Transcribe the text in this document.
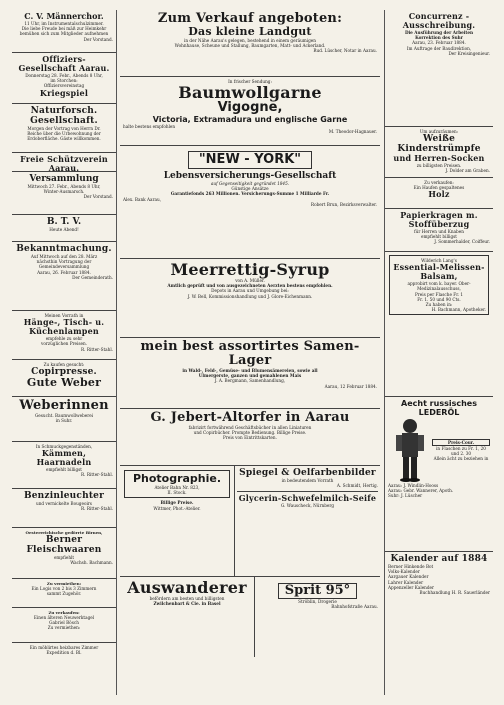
C. V. Männerchor.
11 Uhr, im Instrumentalschulzimmer.
Die liebe Freude bei mäß zur Heimkehr
bemühen sich zum Mitglieder aufnehmen
Der Vorstand.
Offiziers-Gesellschaft Aarau.
Donnerstag 28. Febr., Abends 8 Uhr,
im Storchen:
Offiziersvereinstag
Kriegspiel
Naturforsch. Gesellschaft.
Morgen der Vortrag von Herrn Dr.
Reiche über die Urbewohnung der
Erdoberfläche. Gäste willkommen.
Freie Schützverein Aarau.
Versammlung
Mittwoch 27. Febr., Abends 8 Uhr,
Winter-Ausmarsch.
Der Vorstand.
B. T. V.
Heute Abend!
Bekanntmachung.
Auf Mittwoch auf den 28. März
nächsthin Vortragung der
Gemeindeversammlung
Aarau, 26. Februar 1884.
Der Gemeinderath.
Meinen Vorrath in
Hänge-, Tisch- u. Küchenlampen
empfehle zu sehr
vorzüglichen Preisen.
R. Ritter-Stahl.
Zu kaufen gesucht:
Copirpresse.
Gute Weber
Weberinnen
Gesucht. Baumwollweberei
in Suhr.
In Schmuckgegenständen,
Kämmen, Haarnadeln
empfiehlt billigst
R. Ritter-Stahl.
Benzinleuchter
und vernickelte Bougeoirs
R. Ritter-Stahl.
Oesterreichische gedörrte Birnen,
Berner Fleischwaaren
empfiehlt
Wachsh. Bachmann.
Zu vermiethen:
Ein Logis von 2 bis 3 Zimmern
sammt Zugehör.
Zu verkaufen:
Einen älteren Neuwerktagel
Gabriel Bösch
Zu vermiethen:
Ein möblirtes heizbares Zimmer
Expedition d. Bl.
Zum Verkauf angeboten:
Das kleine Landgut
in der Nähe Aarau's gelegen, bestehend in einem geräumigen
Wohnhause, Scheune und Stallung, Baumgarten, Matt- und Ackerland.
Rud. Lüscher, Notar in Aarau.
In frischer Sendung:
Baumwollgarne
Vigogne,
Victoria, Extramadura und englische Garne
halte bestens empfohlen
M. Theodor-Hagnauer.
"NEW - YORK"
Lebensversicherungs-Gesellschaft
auf Gegenseitigkeit gegründet 1845.
Günstige Ansätze
Garantiefonds 263 Millionen. Versicherungs-Summe 1 Milliarde Fr.
Alex. Bank Aarau,
Robert Brun, Bezirksverwalter.
Meerrettig-Syrup
von A. Müller.
Amtlich geprüft und von ausgezeichneten Aerzten bestens empfohlen.
Depots in Aarau und Umgebung bei:
J. W. Bell, Kommissionshandlung und J. Glore-Eichenmann.
mein best assortirtes Samen-Lager
in Wald-, Feld-, Gemüse- und Blumensämereien, sowie all
Ulmergerste, ganzen und gemahlenen Mais
J. A. Bergmann, Samenhandlung,
Aarau, 12 Februar 1884.
G. Jebert-Altorfer in Aarau
fabrizirt fortwährend Geschäftsbücher in allen Liniaturen
und Copirbücher. Prompte Bedienung. Billige Preise.
Preis von Eintrittskarten.
Photographie.
Atelier Bahn Nr. 823,
II. Stock.
Billige Preise.
Wittmer, Phot.-Atelier.
Spiegel & Oelfarbenbilder
in bedeutendem Vorrath
A. Schmidt, Hertig.
Glycerin-Schwefelmilch-Seife
G. Wauscheck, Nürnberg
Auswanderer
befördern am besten und billigsten
Zwilchenbart & Cie. in Basel
Sprit 95°
Ströblin, Drogerie
Bahnhofstraße Aarau.
Concurrenz - Ausschreibung.
Die Ausführung der Arbeiten
Korrektion des Suhr
Aarau, 23. Februar 1884.
Im Auftrage der Baudirektion,
Der Kreisingenieur.
Um aufzuräumen:
Weiße Kinderstrümpfe
und Herren-Socken
zu billigsten Preisen.
J. Dolder am Graben.
Zu verkaufen:
Ein Haufen gespaltenes
Holz
Papierkragen m. Stoffüberzug
für Herren und Knaben
empfiehlt billigst
J. Sommerhalder, Coiffeur.
Wilderich Lang's
Essential-Melissen-Balsam,
approbirt vom k. bayer. Ober-Medizinalausschuss,
Preis per Flasche Fr. 1
Fr. 1. 50 und 90 Cts.
Zu haben in:
H. Bachmann, Apotheker.
Aecht russisches LEDERÖL
Preis-Cour.
in Flaschen zu Fr. 1, 20 und 2. 30
Allein ächt zu beziehen in
Aarau: J. Windlin-Hooss
Aarau: Gebr. Wannerer, Apoth.
Suhr: J. Lüscher
Kalender auf 1884
Berner Hinkende Bot
Volks-Kalender
Aargauer Kalender
Lahrer Kalender
Appenzeller Kalender
Buchhandlung H. R. Sauerländer
